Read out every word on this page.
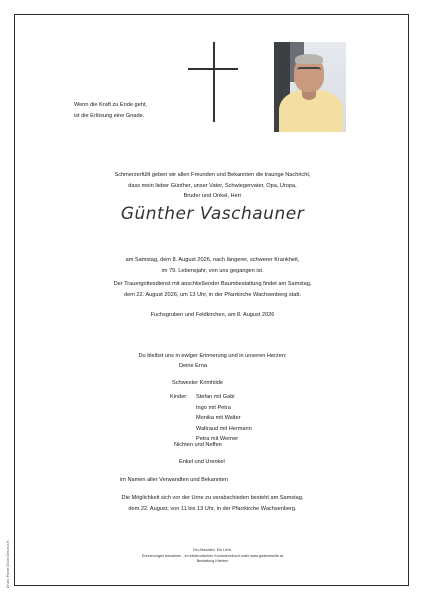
Wenn die Kraft zu Ende geht,
ist die Erlösung eine Gnade.
Schmerzerfüllt geben wir allen Freunden und Bekannten die traurige Nachricht,
dass mein lieber Günther, unser Vater, Schwiegervater, Opa, Uropa,
Bruder und Onkel, Herr
Günther Vaschauner
am Samstag, dem 8. August 2026, nach längerer, schwerer Krankheit,
im 79. Lebensjahr, von uns gegangen ist.
Der Trauergottesdienst mit anschließender Baumbestattung findet am Samstag,
dem 22. August 2026, um 13 Uhr, in der Pfarrkirche Wachsenberg statt.
Fuchsgruben und Feldkirchen, am 8. August 2026
Du bleibst uns in ewiger Erinnerung und in unseren Herzen:
Deine Erna
Schwester Krimhilde
Kinder: Stefan mit Gabi
Ingo mit Petra
Monika mit Walter
Waltraud mit Hermann
Petra mit Werner
Nichten und Neffen
Enkel und Urenkel
im Namen aller Verwandten und Bekannten
Die Möglichkeit sich vor der Urne zu verabschieden besteht am Samstag,
dem 22. August, von 11 bis 13 Uhr, in der Pfarrkirche Wachsenberg.
Ein Abschied. Ein Licht.
Erinnerungen bewahren - im elektronischen Kondolenzbuch unter www.gedenkseite.at
Bestattung Kärnten
Druck: Ploner Druck Ges.m.b.H.
